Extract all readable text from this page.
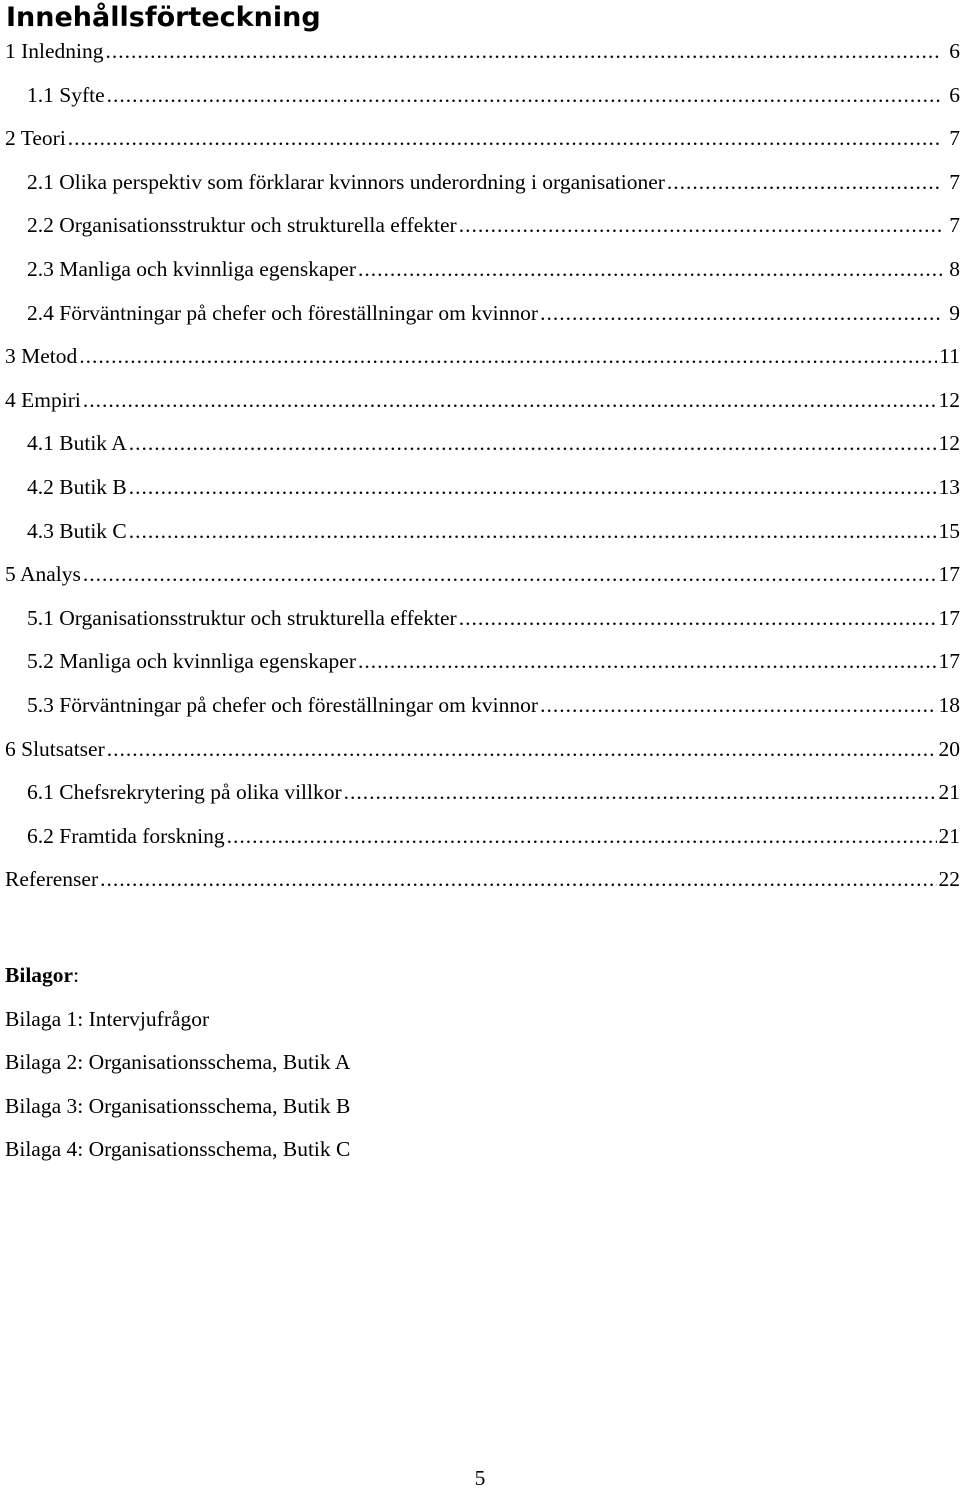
Innehållsförteckning
1 Inledning .....	6
1.1 Syfte .....	6
2 Teori .....	7
2.1 Olika perspektiv som förklarar kvinnors underordning i organisationer .....	7
2.2 Organisationsstruktur och strukturella effekter .....	7
2.3 Manliga och kvinnliga egenskaper .....	8
2.4 Förväntningar på chefer och föreställningar om kvinnor .....	9
3 Metod .....	11
4 Empiri .....	12
4.1 Butik A .....	12
4.2 Butik B .....	13
4.3 Butik C .....	15
5 Analys .....	17
5.1 Organisationsstruktur och strukturella effekter .....	17
5.2 Manliga och kvinnliga egenskaper .....	17
5.3 Förväntningar på chefer och föreställningar om kvinnor .....	18
6 Slutsatser .....	20
6.1 Chefsrekrytering på olika villkor .....	21
6.2 Framtida forskning .....	21
Referenser .....	22
Bilagor:
Bilaga 1: Intervjufrågor
Bilaga 2: Organisationsschema, Butik A
Bilaga 3: Organisationsschema, Butik B
Bilaga 4: Organisationsschema, Butik C
5
